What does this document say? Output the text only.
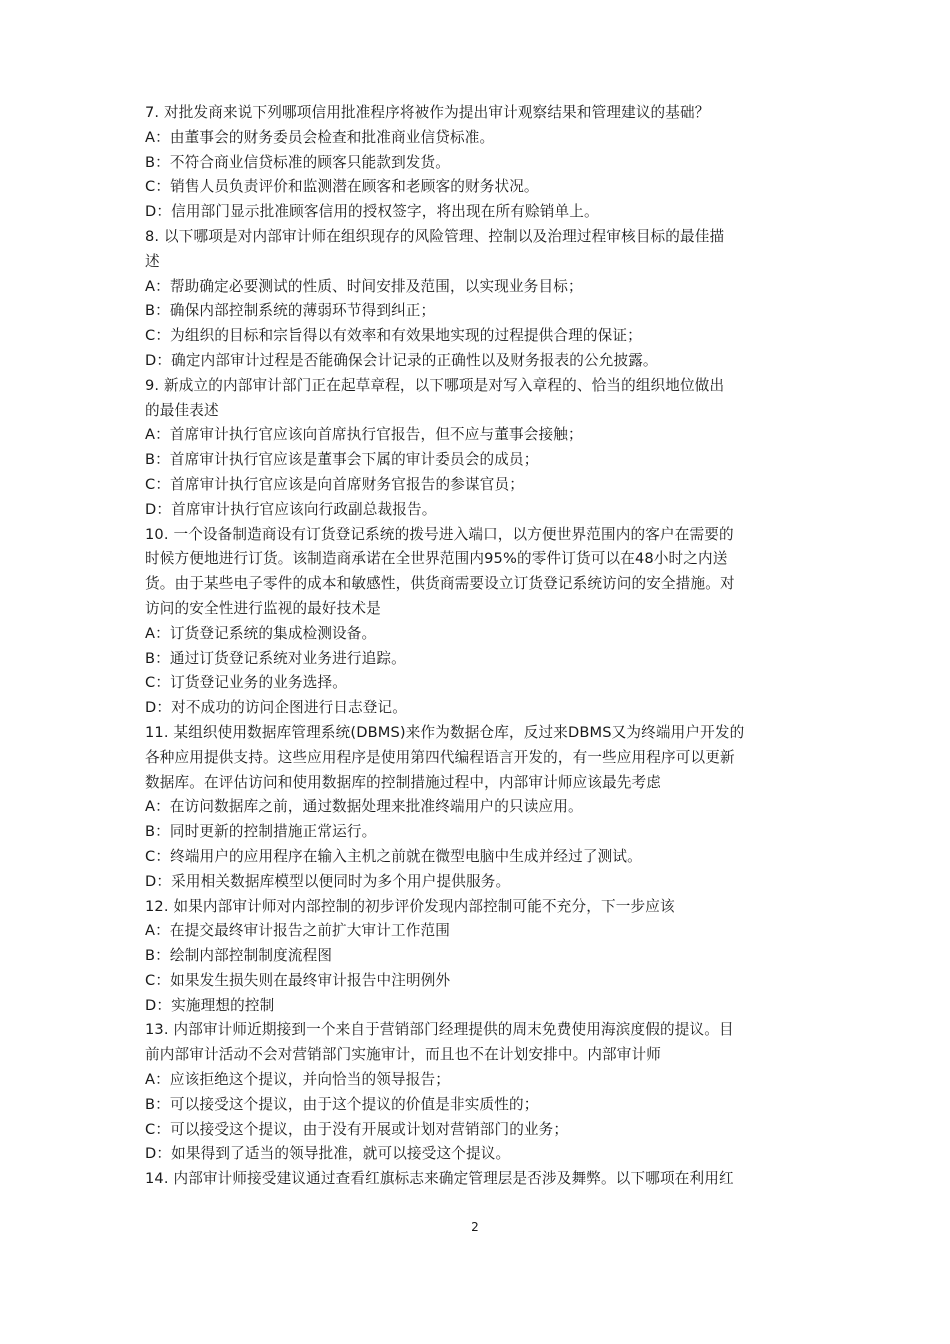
7. 对批发商来说下列哪项信用批准程序将被作为提出审计观察结果和管理建议的基础？
A：由董事会的财务委员会检查和批准商业信贷标准。
B：不符合商业信贷标准的顾客只能款到发货。
C：销售人员负责评价和监测潜在顾客和老顾客的财务状况。
D：信用部门显示批准顾客信用的授权签字，将出现在所有赊销单上。
8. 以下哪项是对内部审计师在组织现存的风险管理、控制以及治理过程审核目标的最佳描
述
A：帮助确定必要测试的性质、时间安排及范围，以实现业务目标；
B：确保内部控制系统的薄弱环节得到纠正；
C：为组织的目标和宗旨得以有效率和有效果地实现的过程提供合理的保证；
D：确定内部审计过程是否能确保会计记录的正确性以及财务报表的公允披露。
9. 新成立的内部审计部门正在起草章程，以下哪项是对写入章程的、恰当的组织地位做出
的最佳表述
A：首席审计执行官应该向首席执行官报告，但不应与董事会接触；
B：首席审计执行官应该是董事会下属的审计委员会的成员；
C：首席审计执行官应该是向首席财务官报告的参谋官员；
D：首席审计执行官应该向行政副总裁报告。
10. 一个设备制造商设有订货登记系统的拨号进入端口，以方便世界范围内的客户在需要的
时候方便地进行订货。该制造商承诺在全世界范围内95%的零件订货可以在48小时之内送
货。由于某些电子零件的成本和敏感性，供货商需要设立订货登记系统访问的安全措施。对
访问的安全性进行监视的最好技术是
A：订货登记系统的集成检测设备。
B：通过订货登记系统对业务进行追踪。
C：订货登记业务的业务选择。
D：对不成功的访问企图进行日志登记。
11. 某组织使用数据库管理系统(DBMS)来作为数据仓库，反过来DBMS又为终端用户开发的
各种应用提供支持。这些应用程序是使用第四代编程语言开发的，有一些应用程序可以更新
数据库。在评估访问和使用数据库的控制措施过程中，内部审计师应该最先考虑
A：在访问数据库之前，通过数据处理来批准终端用户的只读应用。
B：同时更新的控制措施正常运行。
C：终端用户的应用程序在输入主机之前就在微型电脑中生成并经过了测试。
D：采用相关数据库模型以便同时为多个用户提供服务。
12. 如果内部审计师对内部控制的初步评价发现内部控制可能不充分，下一步应该
A：在提交最终审计报告之前扩大审计工作范围
B：绘制内部控制制度流程图
C：如果发生损失则在最终审计报告中注明例外
D：实施理想的控制
13. 内部审计师近期接到一个来自于营销部门经理提供的周末免费使用海滨度假的提议。目
前内部审计活动不会对营销部门实施审计，而且也不在计划安排中。内部审计师
A：应该拒绝这个提议，并向恰当的领导报告；
B：可以接受这个提议，由于这个提议的价值是非实质性的；
C：可以接受这个提议，由于没有开展或计划对营销部门的业务；
D：如果得到了适当的领导批准，就可以接受这个提议。
14. 内部审计师接受建议通过查看红旗标志来确定管理层是否涉及舞弊。以下哪项在利用红
2
